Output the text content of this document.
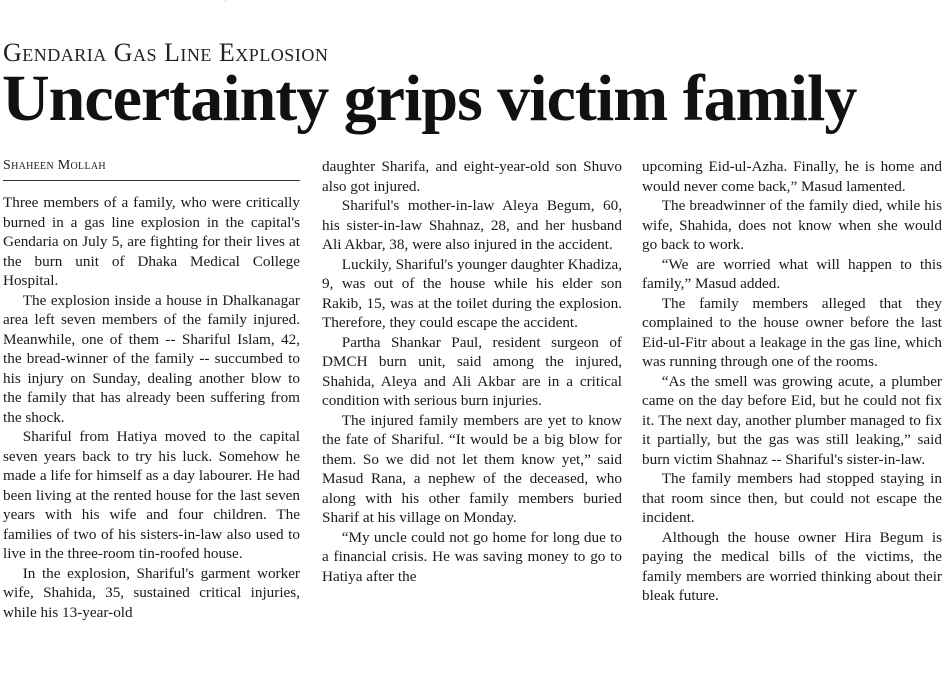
Gendaria Gas Line Explosion
Uncertainty grips victim family
Shaheen Mollah

Three members of a family, who were critically burned in a gas line explosion in the capital's Gendaria on July 5, are fighting for their lives at the burn unit of Dhaka Medical College Hospital.

The explosion inside a house in Dhalkanagar area left seven members of the family injured. Meanwhile, one of them -- Shariful Islam, 42, the bread-winner of the family -- succumbed to his injury on Sunday, dealing another blow to the family that has already been suffering from the shock.

Shariful from Hatiya moved to the capital seven years back to try his luck. Somehow he made a life for himself as a day labourer. He had been living at the rented house for the last seven years with his wife and four children. The families of two of his sisters-in-law also used to live in the three-room tin-roofed house.

In the explosion, Shariful's garment worker wife, Shahida, 35, sustained critical injuries, while his 13-year-old

daughter Sharifa, and eight-year-old son Shuvo also got injured.

Shariful's mother-in-law Aleya Begum, 60, his sister-in-law Shahnaz, 28, and her husband Ali Akbar, 38, were also injured in the accident.

Luckily, Shariful's younger daughter Khadiza, 9, was out of the house while his elder son Rakib, 15, was at the toilet during the explosion. Therefore, they could escape the accident.

Partha Shankar Paul, resident surgeon of DMCH burn unit, said among the injured, Shahida, Aleya and Ali Akbar are in a critical condition with serious burn injuries.

The injured family members are yet to know the fate of Shariful. “It would be a big blow for them. So we did not let them know yet,” said Masud Rana, a nephew of the deceased, who along with his other family members buried Sharif at his village on Monday.

“My uncle could not go home for long due to a financial crisis. He was saving money to go to Hatiya after the

upcoming Eid-ul-Azha. Finally, he is home and would never come back,” Masud lamented.

The breadwinner of the family died, while his wife, Shahida, does not know when she would go back to work.

“We are worried what will happen to this family,” Masud added.

The family members alleged that they complained to the house owner before the last Eid-ul-Fitr about a leakage in the gas line, which was running through one of the rooms.

“As the smell was growing acute, a plumber came on the day before Eid, but he could not fix it. The next day, another plumber managed to fix it partially, but the gas was still leaking,” said burn victim Shahnaz -- Shariful's sister-in-law.

The family members had stopped staying in that room since then, but could not escape the incident.

Although the house owner Hira Begum is paying the medical bills of the victims, the family members are worried thinking about their bleak future.
